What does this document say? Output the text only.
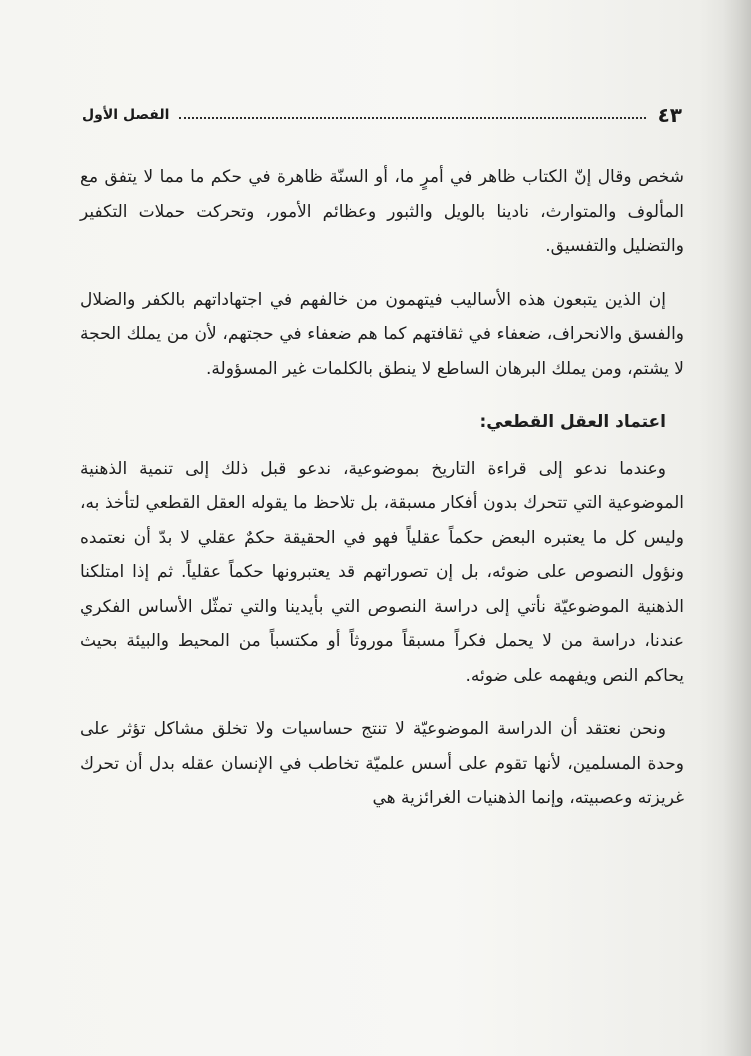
٤٣
الفصل الأول

شخص وقال إنّ الكتاب ظاهر في أمرٍ ما، أو السنّة ظاهرة في حكم ما مما لا يتفق مع المألوف والمتوارث، نادينا بالويل والثبور وعظائم الأمور، وتحركت حملات التكفير والتضليل والتفسيق.

إن الذين يتبعون هذه الأساليب فيتهمون من خالفهم في اجتهاداتهم بالكفر والضلال والفسق والانحراف، ضعفاء في ثقافتهم كما هم ضعفاء في حجتهم، لأن من يملك الحجة لا يشتم، ومن يملك البرهان الساطع لا ينطق بالكلمات غير المسؤولة.

اعتماد العقل القطعي:

وعندما ندعو إلى قراءة التاريخ بموضوعية، ندعو قبل ذلك إلى تنمية الذهنية الموضوعية التي تتحرك بدون أفكار مسبقة، بل تلاحظ ما يقوله العقل القطعي لتأخذ به، وليس كل ما يعتبره البعض حكماً عقلياً فهو في الحقيقة حكمٌ عقلي لا بدّ أن نعتمده ونؤول النصوص على ضوئه، بل إن تصوراتهم قد يعتبرونها حكماً عقلياً. ثم إذا امتلكنا الذهنية الموضوعيّة نأتي إلى دراسة النصوص التي بأيدينا والتي تمثّل الأساس الفكري عندنا، دراسة من لا يحمل فكراً مسبقاً موروثاً أو مكتسباً من المحيط والبيئة بحيث يحاكم النص ويفهمه على ضوئه.

ونحن نعتقد أن الدراسة الموضوعيّة لا تنتج حساسيات ولا تخلق مشاكل تؤثر على وحدة المسلمين، لأنها تقوم على أسس علميّة تخاطب في الإنسان عقله بدل أن تحرك غريزته وعصبيته، وإنما الذهنيات الغرائزية هي
